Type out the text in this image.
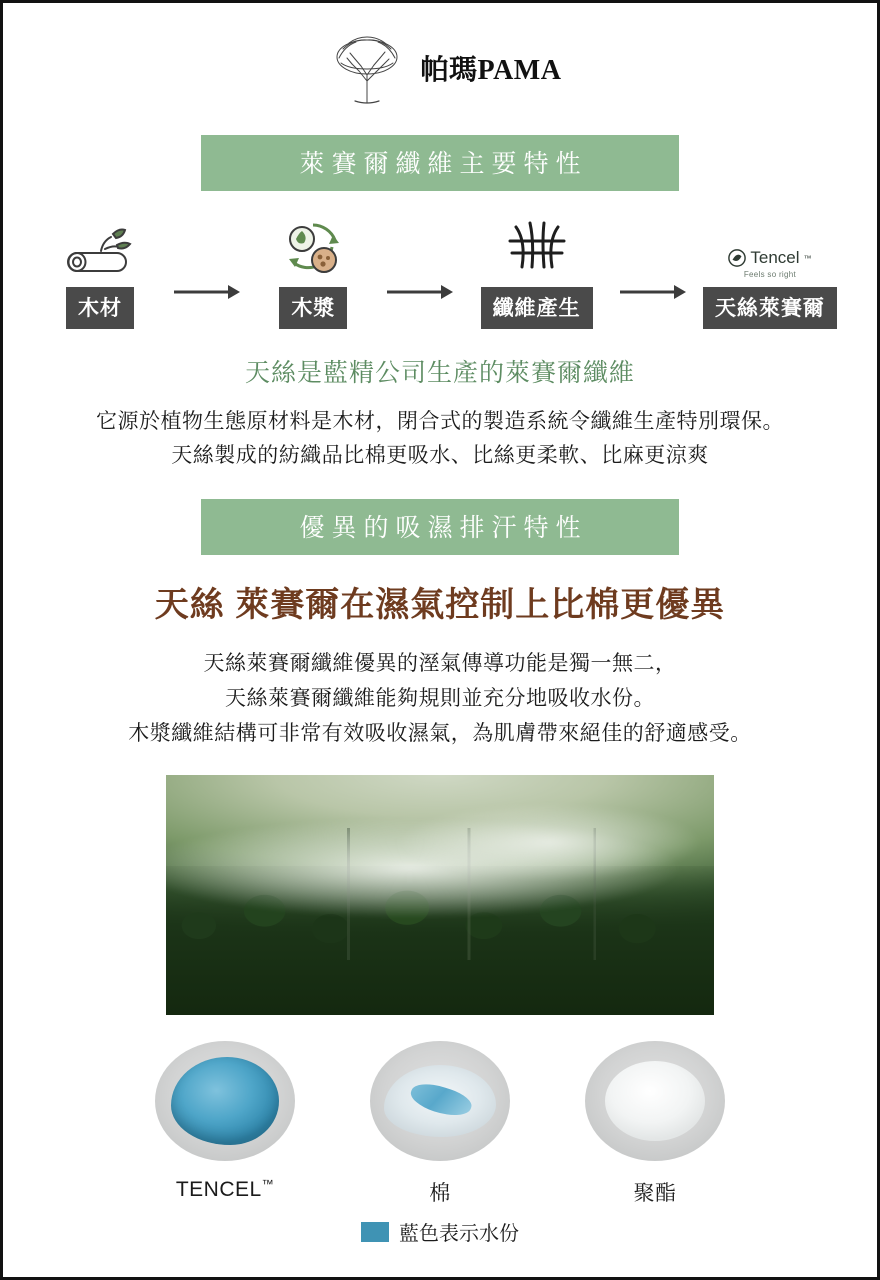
帕瑪PAMA
萊賽爾纖維主要特性
木材	木漿	纖維產生
Tencel ™
Feels so right
天絲萊賽爾
天絲是藍精公司生產的萊賽爾纖維
它源於植物生態原材料是木材，閉合式的製造系統令纖維生產特別環保。
天絲製成的紡織品比棉更吸水、比絲更柔軟、比麻更涼爽
優異的吸濕排汗特性
天絲 萊賽爾在濕氣控制上比棉更優異
天絲萊賽爾纖維優異的溼氣傳導功能是獨一無二，
天絲萊賽爾纖維能夠規則並充分地吸收水份。
木漿纖維結構可非常有效吸收濕氣，為肌膚帶來絕佳的舒適感受。
TENCEL™	棉	聚酯
藍色表示水份
